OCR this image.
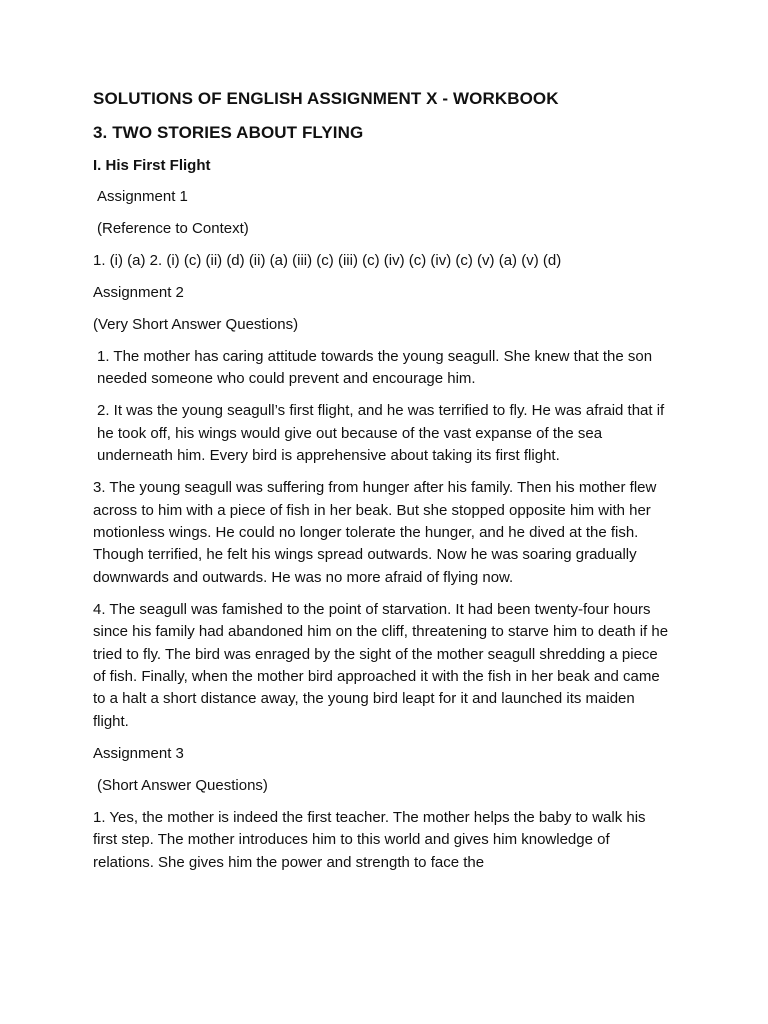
SOLUTIONS OF ENGLISH ASSIGNMENT X - WORKBOOK
3. TWO STORIES ABOUT FLYING
I. His First Flight

Assignment 1

(Reference to Context)

1. (i) (a) 2. (i) (c) (ii) (d) (ii) (a) (iii) (c) (iii) (c) (iv) (c) (iv) (c) (v) (a) (v) (d)

Assignment 2

(Very Short Answer Questions)

1. The mother has caring attitude towards the young seagull. She knew that the son needed someone who could prevent and encourage him.

2. It was the young seagull’s first flight, and he was terrified to fly. He was afraid that if he took off, his wings would give out because of the vast expanse of the sea underneath him. Every bird is apprehensive about taking its first flight.

3. The young seagull was suffering from hunger after his family. Then his mother flew across to him with a piece of fish in her beak. But she stopped opposite him with her motionless wings. He could no longer tolerate the hunger, and he dived at the fish. Though terrified, he felt his wings spread outwards. Now he was soaring gradually downwards and outwards. He was no more afraid of flying now.

4. The seagull was famished to the point of starvation. It had been twenty-four hours since his family had abandoned him on the cliff, threatening to starve him to death if he tried to fly. The bird was enraged by the sight of the mother seagull shredding a piece of fish. Finally, when the mother bird approached it with the fish in her beak and came to a halt a short distance away, the young bird leapt for it and launched its maiden flight.

Assignment 3

(Short Answer Questions)

1. Yes, the mother is indeed the first teacher. The mother helps the baby to walk his first step. The mother introduces him to this world and gives him knowledge of relations. She gives him the power and strength to face the
